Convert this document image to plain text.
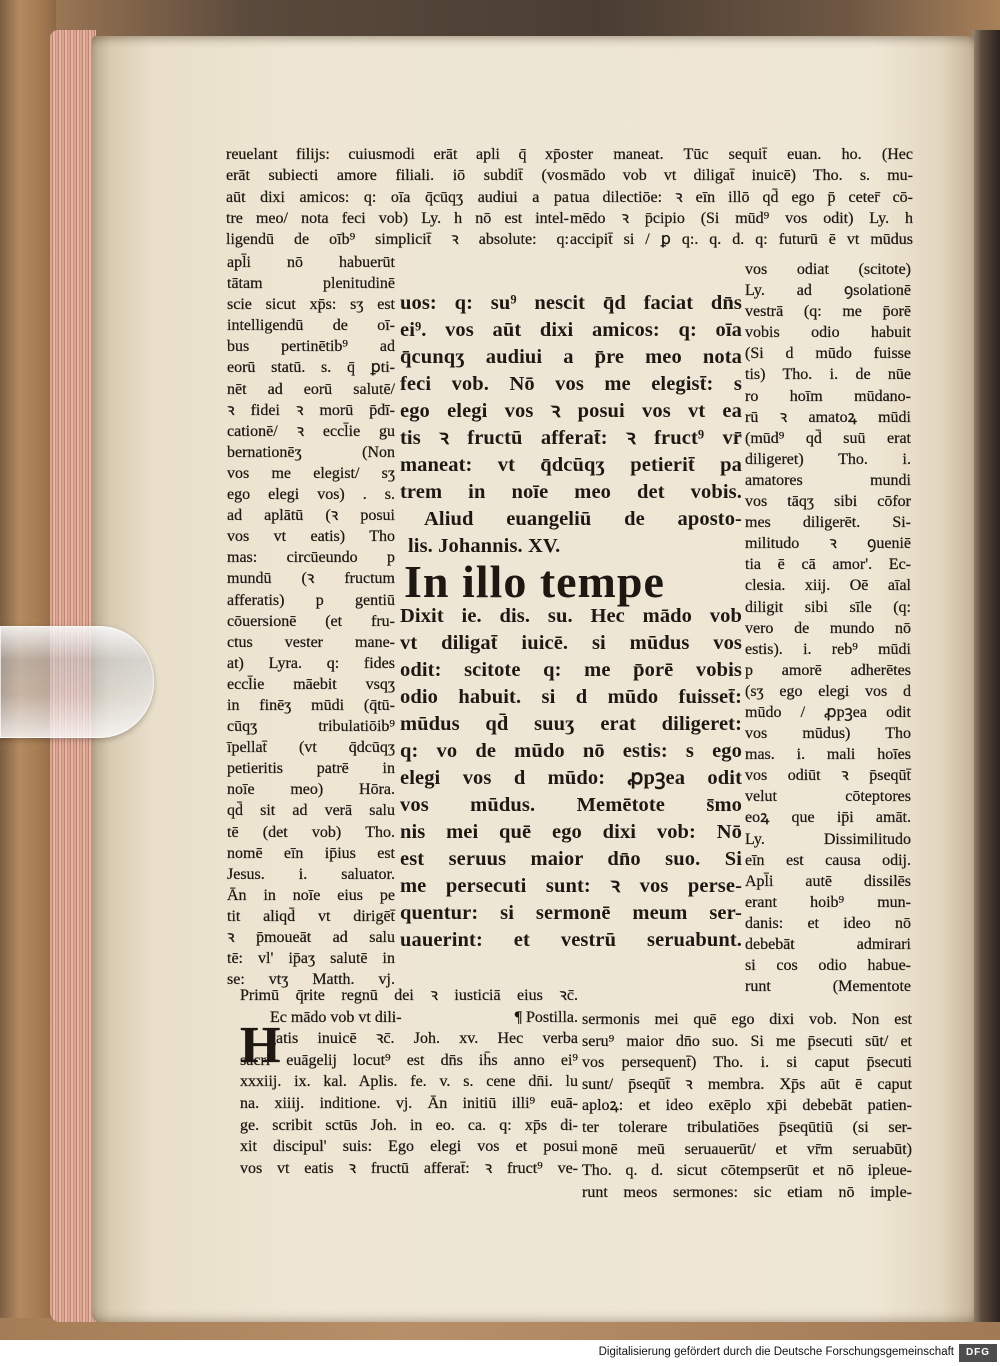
reuelant filijs: cuiusmodi erāt apli q̄ xp̄o
erāt subiecti amore filiali. iō subdit̄ (vos
aūt dixi amicos: q: oīa q̄cūqʒ audiui a pa
tre meo/ nota feci vob) Ly. h nō est intel-
ligendū de oīb⁹ simplicit̄ ꝛ absolute: q:
ster maneat. Tūc sequit̄ euan. ho. (Hec
mādo vob vt diligat̄ inuicē) Tho. s. mu-
tua dilectiōe: ꝛ eīn illō qd̄ ego p̄ ceter̄ cō-
mēdo ꝛ p̄cipio (Si mūd⁹ vos odit) Ly. h
accipit̄ si / ꝑ q:. q. d. q: futurū ē vt mūdus
apl̄i nō habuerūt
tātam plenitudinē
scie sicut xp̄s: sʒ est
intelligendū de oī-
bus pertinētib⁹ ad
eorū statū. s. q̄ ꝑti-
nēt ad eorū salutē/
ꝛ fidei ꝛ morū p̄dī-
cationē/ ꝛ eccl̄ie gu
bernationēʒ (Non
vos me elegist/ sʒ
ego elegi vos) . s.
ad aplātū (ꝛ posui
vos vt eatis) Tho
mas: circūeundo p
mundū (ꝛ fructum
afferatis) p gentiū
cōuersionē (et fru-
ctus vester mane-
at) Lyra. q: fides
eccl̄ie māebit vsqʒ
in finēʒ mūdi (q̄tū-
cūqʒ tribulatiōib⁹
īpellat̄ (vt q̄dcūqʒ
petieritis patrē in
noīe meo) Hōra.
qd̄ sit ad verā salu
tē (det vob) Tho.
nomē eīn ip̄ius est
Jesus. i. saluator.
Ān in noīe eius pe
tit aliqd̄ vt dirigēt̄
ꝛ p̄moueāt ad salu
tē: vl' ip̄aʒ salutē in
se: vtʒ Matth. vj.
vos odiat (scitote)
Ly. ad ꝯsolationē
vestrā (q: me p̄orē
vobis odio habuit
(Si d mūdo fuisse
tis) Tho. i. de nūe
ro hoīm mūdano-
rū ꝛ amatoꝝ mūdi
(mūd⁹ qd̄ suū erat
diligeret) Tho. i.
amatores mundi
vos tāqʒ sibi cōfor
mes diligerēt. Si-
militudo ꝛ ꝯueniē
tia ē cā amor'. Ec-
clesia. xiij. Oē aīal
diligit sibi sīle (q:
vero de mundo nō
estis). i. reb⁹ mūdi
p amorē adherētes
(sʒ ego elegi vos d
mūdo / ꝓpꝫea odit
vos mūdus) Tho
mas. i. mali hoīes
vos odiūt ꝛ p̄seqūt̄
velut cōteptores
eoꝝ que ip̄i amāt.
Ly. Dissimilitudo
eīn est causa odij.
Apl̄i autē dissilēs
erant hoib⁹ mun-
danis: et ideo nō
debebāt admirari
si cos odio habue-
runt (Mementote
uos: q: su⁹ nescit q̄d faciat dn̄s
ei⁹. vos aūt dixi amicos: q: oīa
q̄cunqʒ audiui a p̄re meo nota
feci vob. Nō vos me elegist̄: s
ego elegi vos ꝛ posui vos vt ea
tis ꝛ fructū afferat̄: ꝛ fruct⁹ vr̄
maneat: vt q̄dcūqʒ petierit̄ pa
trem in noīe meo det vobis.
Aliud euangeliū de aposto-
lis. Johannis. XV.
In illo tempe
Dixit ie. dis. su. Hec mādo vob
vt diligat̄ iuicē. si mūdus vos
odit: scitote q: me p̄orē vobis
odio habuit. si d mūdo fuisset̄:
mūdus qd̄ suuʒ erat diligeret:
q: vo de mūdo nō estis: s ego
elegi vos d mūdo: ꝓpꝫea odit
vos mūdus. Memētote s̄mo
nis mei quē ego dixi vob: Nō
est seruus maior dn̄o suo. Si
me persecuti sunt: ꝛ vos perse-
quentur: si sermonē meum ser-
uauerint: et vestrū seruabunt.
Primū q̄rite regnū dei ꝛ iusticiā eius ꝛc̄.
H
Ec mādo vob vt dili-	¶ Postilla.
gatis inuicē ꝛc̄. Joh. xv. Hec verba
sacri euāgelij locut⁹ est dn̄s ih̄s anno ei⁹
xxxiij. ix. kal. Aplis. fe. v. s. cene dn̄i. lu
na. xiiij. inditione. vj. Ān initiū illi⁹ euā-
ge. scribit sctūs Joh. in eo. ca. q: xp̄s di-
xit discipul' suis: Ego elegi vos et posui
vos vt eatis ꝛ fructū afferat̄: ꝛ fruct⁹ ve-
sermonis mei quē ego dixi vob. Non est
seru⁹ maior dn̄o suo. Si me p̄secuti sūt/ et
vos persequent̄) Tho. i. si caput p̄secuti
sunt/ p̄seqūt̄ ꝛ membra. Xp̄s aūt ē caput
aploꝝ: et ideo exēplo xp̄i debebāt patien-
ter tolerare tribulatiōes p̄seqūtiū (si ser-
monē meū seruauerūt/ et vr̄m seruabūt)
Tho. q. d. sicut cōtempserūt et nō ipleue-
runt meos sermones: sic etiam nō imple-
Digitalisierung gefördert durch die Deutsche Forschungsgemeinschaft	DFG
